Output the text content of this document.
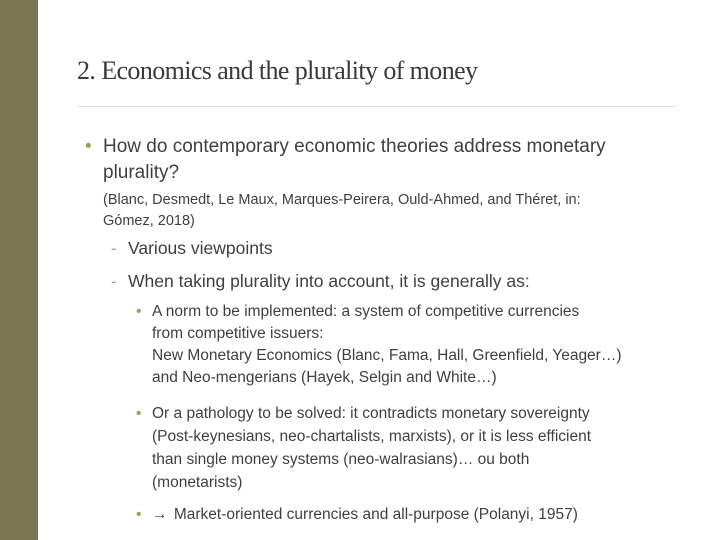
2. Economics and the plurality of money
• How do contemporary economic theories address monetary
plurality?
(Blanc, Desmedt, Le Maux, Marques-Peirera, Ould-Ahmed, and Théret, in:
Gómez, 2018)
- Various viewpoints
- When taking plurality into account, it is generally as:
• A norm to be implemented: a system of competitive currencies
from competitive issuers:
New Monetary Economics (Blanc, Fama, Hall, Greenfield, Yeager…)
and Neo-mengerians (Hayek, Selgin and White…)
• Or a pathology to be solved: it contradicts monetary sovereignty
(Post-keynesians, neo-chartalists, marxists), or it is less efficient
than single money systems (neo-walrasians)… ou both
(monetarists)
• → Market-oriented currencies and all-purpose (Polanyi, 1957)
